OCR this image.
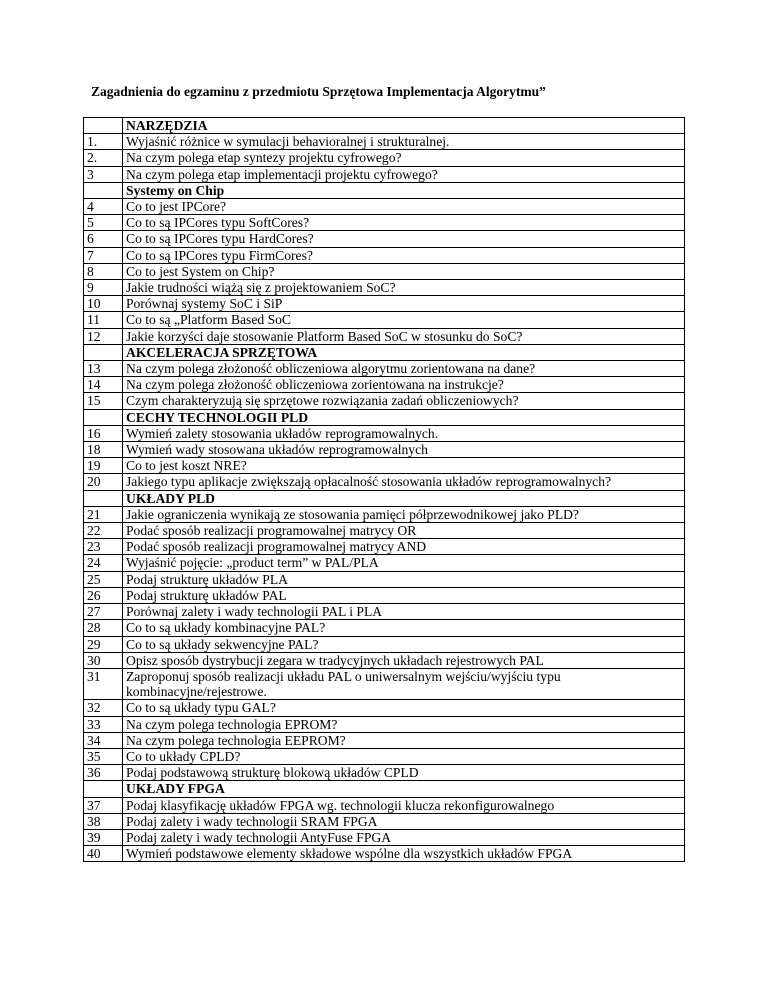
Zagadnienia do egzaminu z przedmiotu Sprzętowa Implementacja Algorytmu”
	NARZĘDZIA
1.	Wyjaśnić różnice w symulacji behavioralnej i strukturalnej.
2.	Na czym polega etap syntezy projektu cyfrowego?
3	Na czym polega etap implementacji projektu cyfrowego?
	Systemy on Chip
4	Co to jest IPCore?
5	Co to są IPCores typu SoftCores?
6	Co to są IPCores typu HardCores?
7	Co to są IPCores typu FirmCores?
8	Co to jest System on Chip?
9	Jakie trudności wiążą się z projektowaniem SoC?
10	Porównaj systemy SoC i SiP
11	Co to są „Platform Based SoC
12	Jakie korzyści daje stosowanie Platform Based SoC w stosunku do SoC?
	AKCELERACJA SPRZĘTOWA
13	Na czym polega złożoność obliczeniowa algorytmu zorientowana na dane?
14	Na czym polega złożoność obliczeniowa zorientowana na instrukcje?
15	Czym charakteryzują się sprzętowe rozwiązania zadań obliczeniowych?
	CECHY TECHNOLOGII PLD
16	Wymień zalety stosowania układów reprogramowalnych.
18	Wymień wady stosowana układów reprogramowalnych
19	Co to jest koszt NRE?
20	Jakiego typu aplikacje zwiększają opłacalność stosowania układów reprogramowalnych?
	UKŁADY PLD
21	Jakie ograniczenia wynikają ze stosowania pamięci półprzewodnikowej jako PLD?
22	Podać sposób realizacji programowalnej matrycy OR
23	Podać sposób realizacji programowalnej matrycy AND
24	Wyjaśnić pojęcie: „product term” w PAL/PLA
25	Podaj strukturę układów PLA
26	Podaj strukturę układów PAL
27	Porównaj zalety i wady technologii PAL i PLA
28	Co to są układy kombinacyjne PAL?
29	Co to są układy sekwencyjne PAL?
30	Opisz sposób dystrybucji zegara w tradycyjnych układach rejestrowych PAL
31	Zaproponuj sposób realizacji układu PAL o uniwersalnym wejściu/wyjściu typu kombinacyjne/rejestrowe.
32	Co to są układy typu GAL?
33	Na czym polega technologia EPROM?
34	Na czym polega technologia EEPROM?
35	Co to układy CPLD?
36	Podaj podstawową strukturę blokową układów CPLD
	UKŁADY FPGA
37	Podaj klasyfikację układów FPGA wg. technologii klucza rekonfigurowalnego
38	Podaj zalety i wady technologii SRAM FPGA
39	Podaj zalety i wady technologii AntyFuse FPGA
40	Wymień podstawowe elementy składowe wspólne dla wszystkich układów FPGA
